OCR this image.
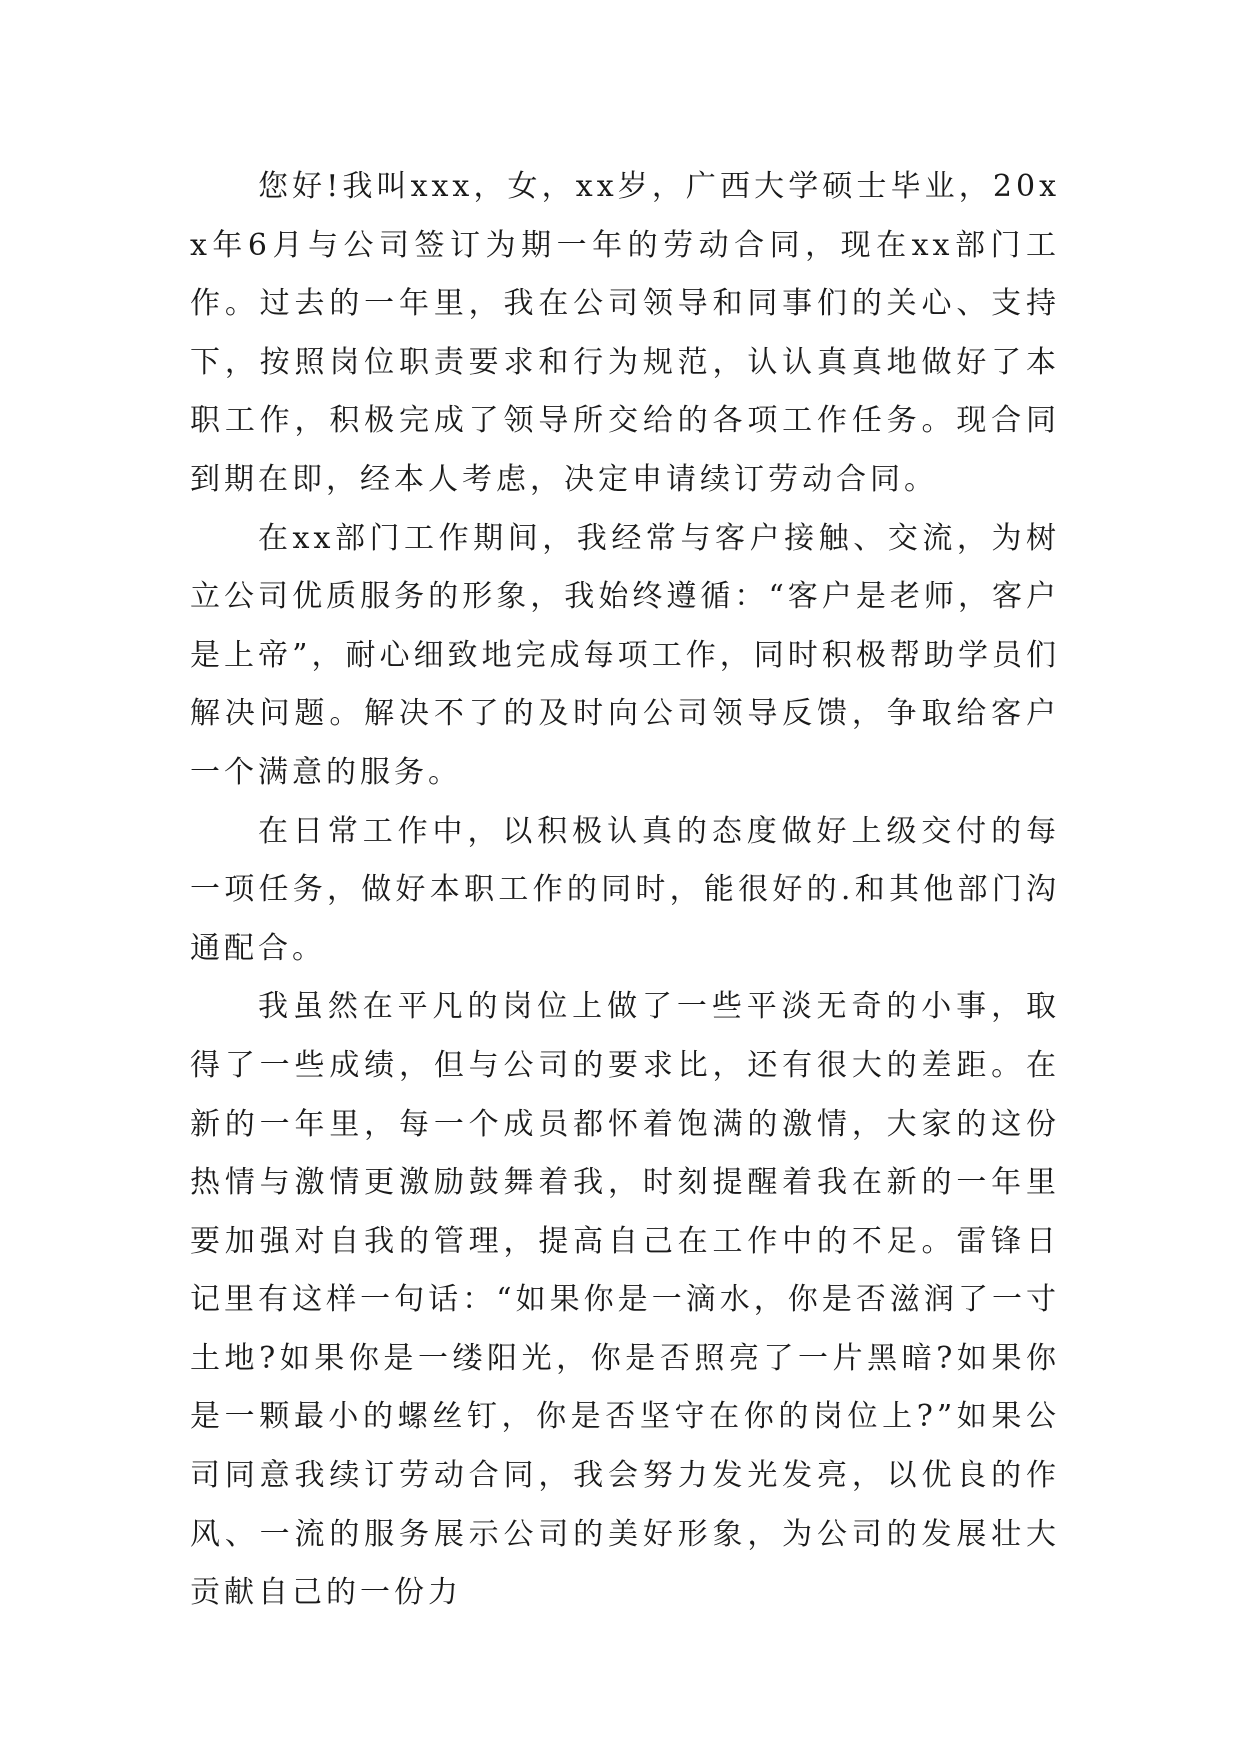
您好!我叫xxx，女，xx岁，广西大学硕士毕业，20xx年6月与公司签订为期一年的劳动合同，现在xx部门工作。过去的一年里，我在公司领导和同事们的关心、支持下，按照岗位职责要求和行为规范，认认真真地做好了本职工作，积极完成了领导所交给的各项工作任务。现合同到期在即，经本人考虑，决定申请续订劳动合同。

在xx部门工作期间，我经常与客户接触、交流，为树立公司优质服务的形象，我始终遵循：“客户是老师，客户是上帝”，耐心细致地完成每项工作，同时积极帮助学员们解决问题。解决不了的及时向公司领导反馈，争取给客户一个满意的服务。

在日常工作中，以积极认真的态度做好上级交付的每一项任务，做好本职工作的同时，能很好的.和其他部门沟通配合。

我虽然在平凡的岗位上做了一些平淡无奇的小事，取得了一些成绩，但与公司的要求比，还有很大的差距。在新的一年里，每一个成员都怀着饱满的激情，大家的这份热情与激情更激励鼓舞着我，时刻提醒着我在新的一年里要加强对自我的管理，提高自己在工作中的不足。雷锋日记里有这样一句话：“如果你是一滴水，你是否滋润了一寸土地?如果你是一缕阳光，你是否照亮了一片黑暗?如果你是一颗最小的螺丝钉，你是否坚守在你的岗位上?”如果公司同意我续订劳动合同，我会努力发光发亮，以优良的作风、一流的服务展示公司的美好形象，为公司的发展壮大贡献自己的一份力
